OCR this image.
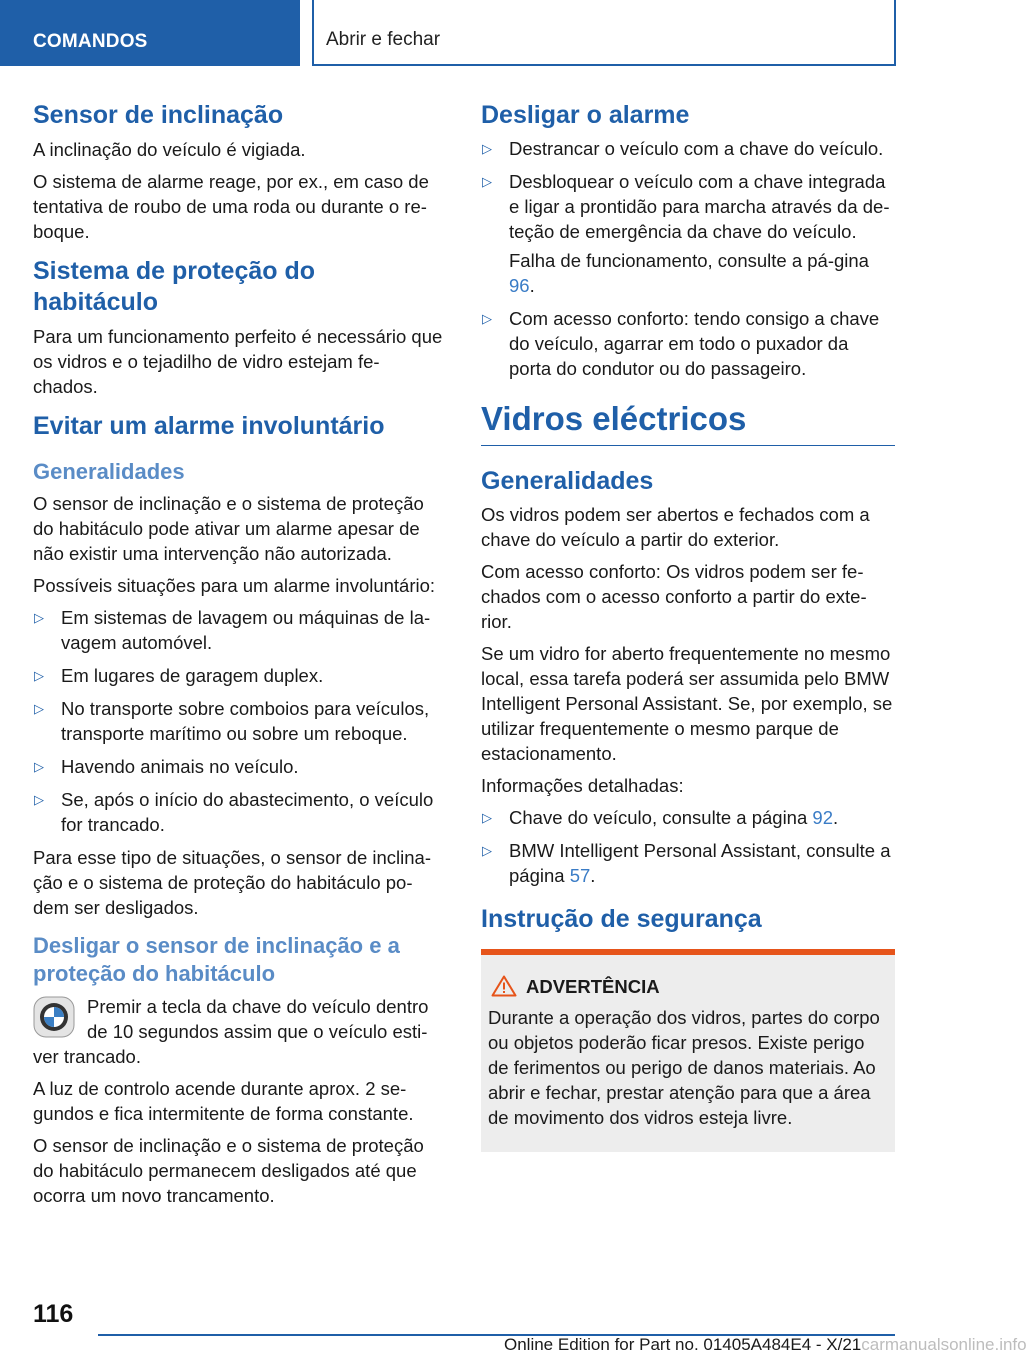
COMANDOS	Abrir e fechar
Sensor de inclinação

A inclinação do veículo é vigiada.

O sistema de alarme reage, por ex., em caso de tentativa de roubo de uma roda ou durante o re-boque.

Sistema de proteção do habitáculo

Para um funcionamento perfeito é necessário que os vidros e o tejadilho de vidro estejam fe-chados.

Evitar um alarme involuntário
Generalidades

O sensor de inclinação e o sistema de proteção do habitáculo pode ativar um alarme apesar de não existir uma intervenção não autorizada.

Possíveis situações para um alarme involuntário:

▷ Em sistemas de lavagem ou máquinas de la-vagem automóvel.
▷ Em lugares de garagem duplex.
▷ No transporte sobre comboios para veículos, transporte marítimo ou sobre um reboque.
▷ Havendo animais no veículo.
▷ Se, após o início do abastecimento, o veículo for trancado.

Para esse tipo de situações, o sensor de inclina-ção e o sistema de proteção do habitáculo po-dem ser desligados.

Desligar o sensor de inclinação e a proteção do habitáculo

Premir a tecla da chave do veículo dentro de 10 segundos assim que o veículo esti-ver trancado.

A luz de controlo acende durante aprox. 2 se-gundos e fica intermitente de forma constante.

O sensor de inclinação e o sistema de proteção do habitáculo permanecem desligados até que ocorra um novo trancamento.

Desligar o alarme
▷ Destrancar o veículo com a chave do veículo.
▷ Desbloquear o veículo com a chave integrada e ligar a prontidão para marcha através da de-teção de emergência da chave do veículo.
Falha de funcionamento, consulte a pá-gina 96.
▷ Com acesso conforto: tendo consigo a chave do veículo, agarrar em todo o puxador da porta do condutor ou do passageiro.
Vidros eléctricos
Generalidades

Os vidros podem ser abertos e fechados com a chave do veículo a partir do exterior.

Com acesso conforto: Os vidros podem ser fe-chados com o acesso conforto a partir do exte-rior.

Se um vidro for aberto frequentemente no mesmo local, essa tarefa poderá ser assumida pelo BMW Intelligent Personal Assistant. Se, por exemplo, se utilizar frequentemente o mesmo parque de estacionamento.

Informações detalhadas:

▷ Chave do veículo, consulte a página 92.
▷ BMW Intelligent Personal Assistant, consulte a página 57.
Instrução de segurança
ADVERTÊNCIA

Durante a operação dos vidros, partes do corpo ou objetos poderão ficar presos. Existe perigo de ferimentos ou perigo de danos materiais. Ao abrir e fechar, prestar atenção para que a área de movimento dos vidros esteja livre.

116
Online Edition for Part no. 01405A484E4 - X/21carmanualsonline.info
